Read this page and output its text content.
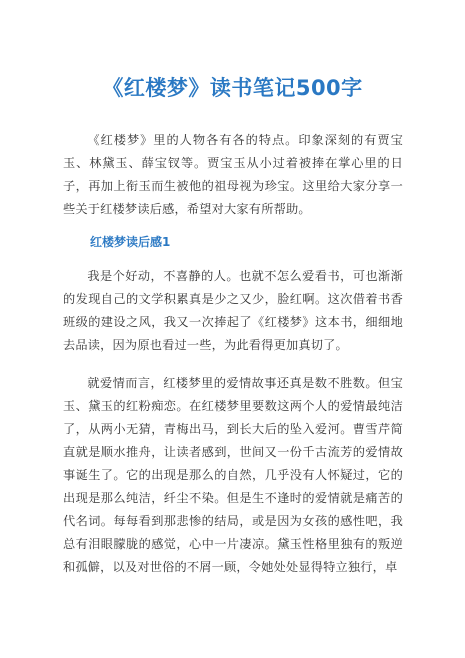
《红楼梦》读书笔记500字

《红楼梦》里的人物各有各的特点。印象深刻的有贾宝玉、林黛玉、薛宝钗等。贾宝玉从小过着被捧在掌心里的日子，再加上衔玉而生被他的祖母视为珍宝。这里给大家分享一些关于红楼梦读后感，希望对大家有所帮助。

红楼梦读后感1

我是个好动，不喜静的人。也就不怎么爱看书，可也渐渐的发现自己的文学积累真是少之又少，脸红啊。这次借着书香班级的建设之风，我又一次捧起了《红楼梦》这本书，细细地去品读，因为原也看过一些，为此看得更加真切了。

就爱情而言，红楼梦里的爱情故事还真是数不胜数。但宝玉、黛玉的红粉痴恋。在红楼梦里要数这两个人的爱情最纯洁了，从两小无猜，青梅出马，到长大后的坠入爱河。曹雪芹简直就是顺水推舟，让读者感到，世间又一份千古流芳的爱情故事诞生了。它的出现是那么的自然，几乎没有人怀疑过，它的出现是那么纯洁，纤尘不染。但是生不逢时的爱情就是痛苦的代名词。每每看到那悲惨的结局，或是因为女孩的感性吧，我总有泪眼朦胧的感觉，心中一片凄凉。黛玉性格里独有的叛逆和孤僻，以及对世俗的不屑一顾，令她处处显得特立独行，卓
